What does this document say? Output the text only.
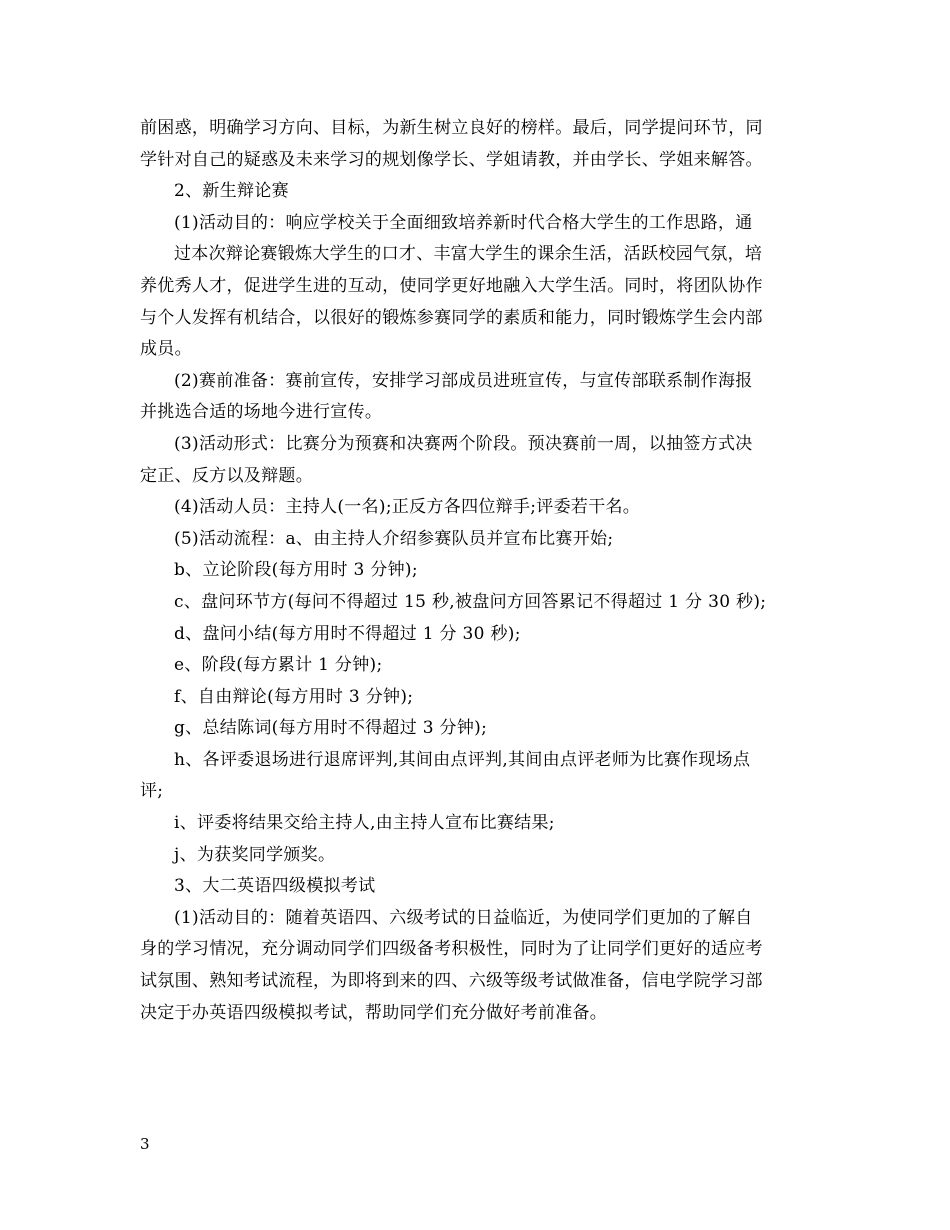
前困惑，明确学习方向、目标，为新生树立良好的榜样。最后，同学提问环节，同
学针对自己的疑惑及未来学习的规划像学长、学姐请教，并由学长、学姐来解答。
2、新生辩论赛
(1)活动目的：响应学校关于全面细致培养新时代合格大学生的工作思路，通
过本次辩论赛锻炼大学生的口才、丰富大学生的课余生活，活跃校园气氛，培
养优秀人才，促进学生进的互动，使同学更好地融入大学生活。同时，将团队协作
与个人发挥有机结合，以很好的锻炼参赛同学的素质和能力，同时锻炼学生会内部
成员。
(2)赛前准备：赛前宣传，安排学习部成员进班宣传，与宣传部联系制作海报
并挑选合适的场地今进行宣传。
(3)活动形式：比赛分为预赛和决赛两个阶段。预决赛前一周，以抽签方式决
定正、反方以及辩题。
(4)活动人员：主持人(一名);正反方各四位辩手;评委若干名。
(5)活动流程：a、由主持人介绍参赛队员并宣布比赛开始;
b、立论阶段(每方用时 3 分钟);
c、盘问环节方(每问不得超过 15 秒,被盘问方回答累记不得超过 1 分 30 秒);
d、盘问小结(每方用时不得超过 1 分 30 秒);
e、阶段(每方累计 1 分钟);
f、自由辩论(每方用时 3 分钟);
g、总结陈词(每方用时不得超过 3 分钟);
h、各评委退场进行退席评判,其间由点评判,其间由点评老师为比赛作现场点
评;
i、评委将结果交给主持人,由主持人宣布比赛结果;
j、为获奖同学颁奖。
3、大二英语四级模拟考试
(1)活动目的：随着英语四、六级考试的日益临近，为使同学们更加的了解自
身的学习情况，充分调动同学们四级备考积极性，同时为了让同学们更好的适应考
试氛围、熟知考试流程，为即将到来的四、六级等级考试做准备，信电学院学习部
决定于办英语四级模拟考试，帮助同学们充分做好考前准备。
3
